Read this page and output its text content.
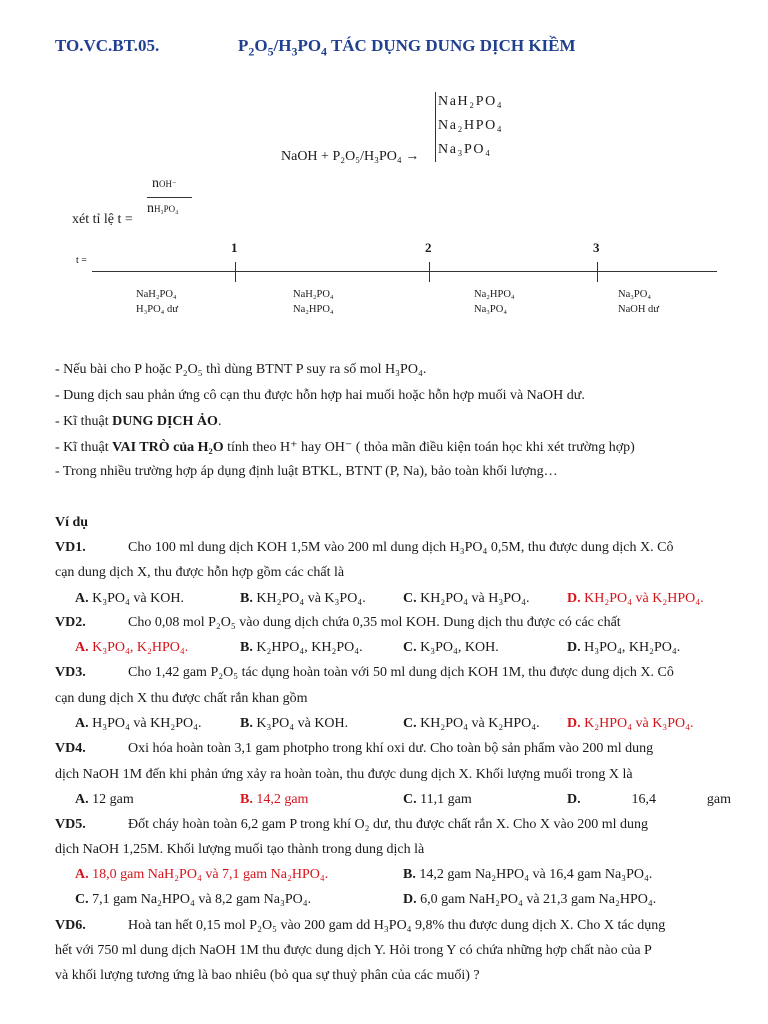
TO.VC.BT.05.	$P_2O_5/H_3PO_4$ TÁC DỤNG DUNG DỊCH KIỀM
NaOH + P₂O₅/H₃PO₄ →
NaH₂PO₄
Na₂HPO₄
Na₃PO₄
xét tỉ lệ t =
nOH⁻
nH₃PO₄
t =
1	2	3
NaH₂PO₄
H₃PO₄ dư
NaH₂PO₄
Na₂HPO₄
Na₂HPO₄
Na₃PO₄
Na₃PO₄
NaOH dư
- Nếu bài cho P hoặc P₂O₅ thì dùng BTNT P suy ra số mol H₃PO₄.
- Dung dịch sau phản ứng cô cạn thu được hỗn hợp hai muối hoặc hỗn hợp muối và NaOH dư.
- Kĩ thuật DUNG DỊCH ẢO.
- Kĩ thuật VAI TRÒ của H₂O tính theo H⁺ hay OH⁻ ( thỏa mãn điều kiện toán học khi xét trường hợp)
- Trong nhiều trường hợp áp dụng định luật BTKL, BTNT (P, Na), bảo toàn khối lượng…
Ví dụ
VD1.	Cho 100 ml dung dịch KOH 1,5M vào 200 ml dung dịch H₃PO₄ 0,5M, thu được dung dịch X. Cô
cạn dung dịch X, thu được hỗn hợp gồm các chất là
A. K₃PO₄ và KOH.	B. KH₂PO₄ và K₃PO₄.	C. KH₂PO₄ và H₃PO₄.	D. KH₂PO₄ và K₂HPO₄.
VD2.	Cho 0,08 mol P₂O₅ vào dung dịch chứa 0,35 mol KOH. Dung dịch thu được có các chất
A. K₃PO₄, K₂HPO₄.	B. K₂HPO₄, KH₂PO₄.	C. K₃PO₄, KOH.	D. H₃PO₄, KH₂PO₄.
VD3.	Cho 1,42 gam P₂O₅ tác dụng hoàn toàn với 50 ml dung dịch KOH 1M, thu được dung dịch X. Cô
cạn dung dịch X thu được chất rắn khan gồm
A. H₃PO₄ và KH₂PO₄.	B. K₃PO₄ và KOH.	C. KH₂PO₄ và K₂HPO₄. D. K₂HPO₄ và K₃PO₄.
VD4.	Oxi hóa hoàn toàn 3,1 gam photpho trong khí oxi dư. Cho toàn bộ sản phẩm vào 200 ml dung
dịch NaOH 1M đến khi phản ứng xảy ra hoàn toàn, thu được dung dịch X. Khối lượng muối trong X là
A. 12 gam	B. 14,2 gam	C. 11,1 gam	D.	16,4	gam
VD5.	Đốt cháy hoàn toàn 6,2 gam P trong khí O₂ dư, thu được chất rắn X. Cho X vào 200 ml dung
dịch NaOH 1,25M. Khối lượng muối tạo thành trong dung dịch là
A. 18,0 gam NaH₂PO₄ và 7,1 gam Na₂HPO₄.	B. 14,2 gam Na₂HPO₄ và 16,4 gam Na₃PO₄.
C. 7,1 gam Na₂HPO₄ và 8,2 gam Na₃PO₄.	D. 6,0 gam NaH₂PO₄ và 21,3 gam Na₂HPO₄.
VD6.	Hoà tan hết 0,15 mol P₂O₅ vào 200 gam dd H₃PO₄ 9,8% thu được dung dịch X. Cho X tác dụng
hết với 750 ml dung dịch NaOH 1M thu được dung dịch Y. Hỏi trong Y có chứa những hợp chất nào của P
và khối lượng tương ứng là bao nhiêu (bỏ qua sự thuỷ phân của các muối) ?
